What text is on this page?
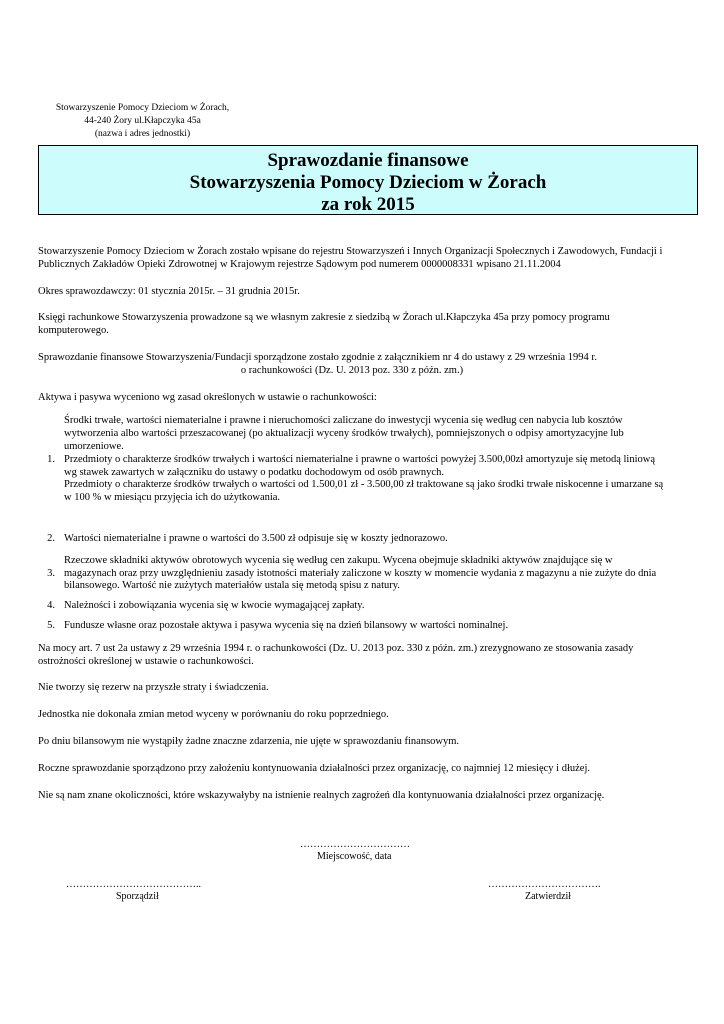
Stowarzyszenie Pomocy Dzieciom w Żorach,
44-240 Żory ul.Kłapczyka 45a
(nazwa i adres jednostki)
Sprawozdanie finansowe
Stowarzyszenia Pomocy Dzieciom w Żorach
za rok 2015

Stowarzyszenie Pomocy Dzieciom w Żorach zostało wpisane do rejestru Stowarzyszeń i Innych Organizacji Społecznych i Zawodowych, Fundacji i Publicznych Zakładów Opieki Zdrowotnej w Krajowym rejestrze Sądowym pod numerem 0000008331 wpisano 21.11.2004

Okres sprawozdawczy: 01 stycznia 2015r. – 31 grudnia 2015r.

Księgi rachunkowe Stowarzyszenia prowadzone są we własnym zakresie z siedzibą w Żorach ul.Kłapczyka 45a przy pomocy programu komputerowego.

Sprawozdanie finansowe Stowarzyszenia/Fundacji sporządzone zostało zgodnie z załącznikiem nr 4 do ustawy z 29 września 1994 r.

o rachunkowości (Dz. U. 2013 poz. 330 z późn. zm.)

Aktywa i pasywa wyceniono wg zasad określonych w ustawie o rachunkowości:

1.	Środki trwałe, wartości niematerialne i prawne i nieruchomości zaliczane do inwestycji wycenia się według cen nabycia lub kosztów wytworzenia albo wartości przeszacowanej (po aktualizacji wyceny środków trwałych), pomniejszonych o odpisy amortyzacyjne lub umorzeniowe.
Przedmioty o charakterze środków trwałych i wartości niematerialne i prawne o wartości powyżej 3.500,00zł amortyzuje się metodą liniową wg stawek zawartych w załączniku do ustawy o podatku dochodowym od osób prawnych.
Przedmioty o charakterze środków trwałych o wartości od 1.500,01 zł - 3.500,00 zł traktowane są jako środki trwałe niskocenne i umarzane są w 100 % w miesiącu przyjęcia ich do użytkowania.

2.	Wartości niematerialne i prawne o wartości do 3.500 zł odpisuje się w koszty jednorazowo.

3.	Rzeczowe składniki aktywów obrotowych wycenia się według cen zakupu. Wycena obejmuje składniki aktywów znajdujące się w magazynach oraz przy uwzględnieniu zasady istotności materiały zaliczone w koszty w momencie wydania z magazynu a nie zużyte do dnia bilansowego. Wartość nie zużytych materiałów ustala się metodą spisu z natury.

4.	Należności i zobowiązania wycenia się w kwocie wymagającej zapłaty.

5.	Fundusze własne oraz pozostałe aktywa i pasywa wycenia się na dzień bilansowy w wartości nominalnej.

Na mocy art. 7 ust 2a ustawy z 29 września 1994 r. o rachunkowości (Dz. U. 2013 poz. 330 z późn. zm.) zrezygnowano ze stosowania zasady ostrożności określonej w ustawie o rachunkowości.

Nie tworzy się rezerw na przyszłe straty i świadczenia.

Jednostka nie dokonała zmian metod wyceny w porównaniu do roku poprzedniego.

Po dniu bilansowym nie wystąpiły żadne znaczne zdarzenia, nie ujęte w sprawozdaniu finansowym.

Roczne sprawozdanie sporządzono przy założeniu kontynuowania działalności przez organizację, co najmniej 12 miesięcy i dłużej.

Nie są nam znane okoliczności, które wskazywałyby na istnienie realnych zagrożeń dla kontynuowania działalności przez organizację.

……………………………
Miejscowość, data
…………………………………..
Sporządził
…………………………….
Zatwierdził
